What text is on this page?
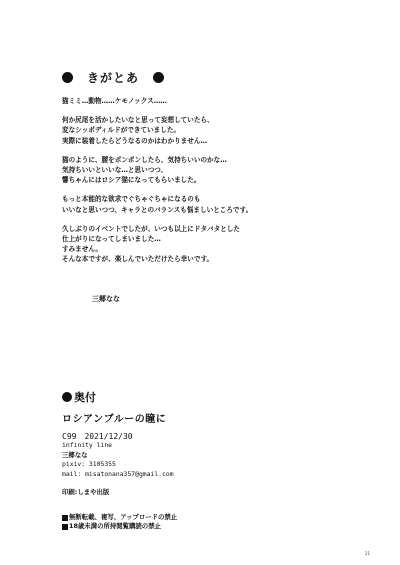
きがとあ

猫ミミ…動物……ケモノックス……

何か尻尾を活かしたいなと思って妄想していたら、
変なシッポディルドができていました。
実際に装着したらどうなるのかはわかりません…

猫のように、腰をポンポンしたら、気持ちいいのかな…
気持ちいいといいな…と思いつつ、
響ちゃんにはロシア猫になってもらいました。

もっと本能的な欲求でぐちゃぐちゃになるのも
いいなと思いつつ、キャラとのバランスも悩ましいところです。

久しぶりのイベントでしたが、いつも以上にドタバタとした
仕上がりになってしまいました…
すみません。
そんな本ですが、楽しんでいただけたら幸いです。

三郷なな
奥付
ロシアンブルーの瞳に
C99　2021/12/30
infinity line
三郷なな
pixiv: 3105355
mail: misatonana357@gmail.com
印刷:しまや出版
無断転載、複写、アップロードの禁止
18歳未満の所持閲覧購読の禁止
21
